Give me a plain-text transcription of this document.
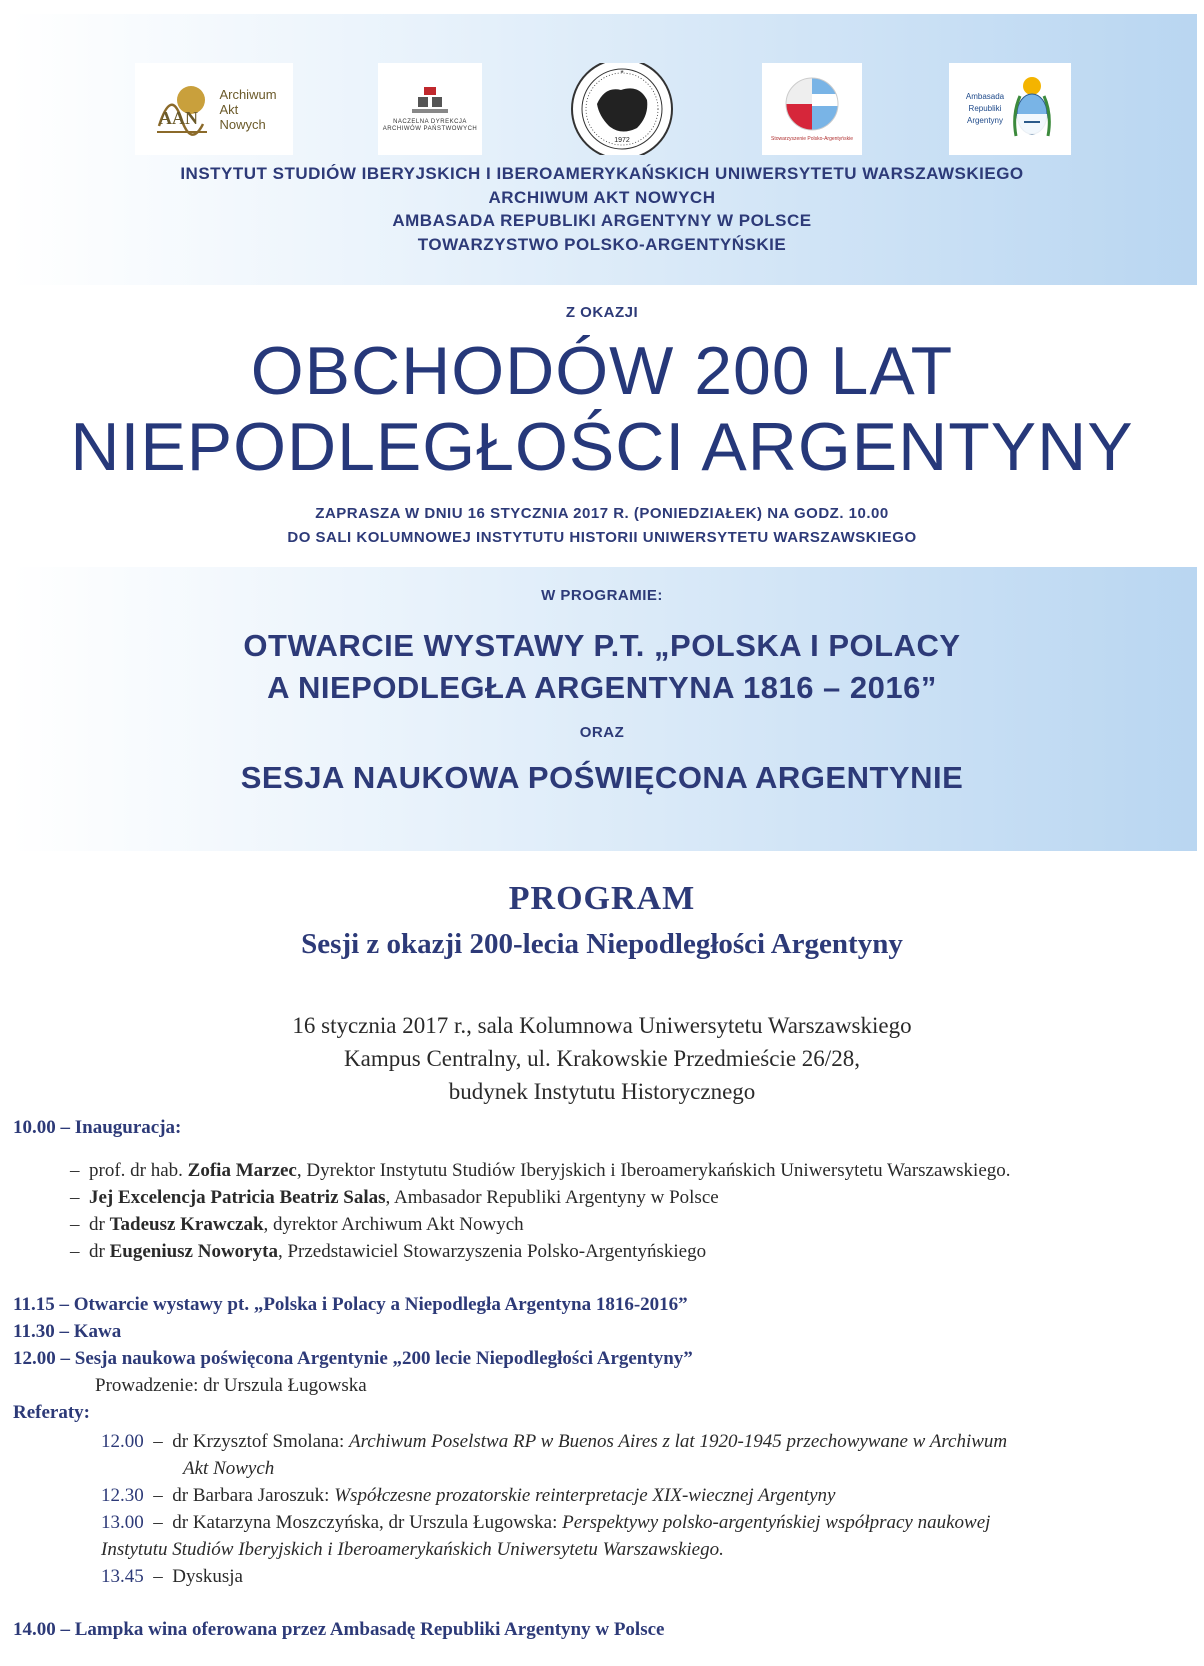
AAN
Archiwum
Akt
Nowych	NACZELNA DYREKCJA
ARCHIWÓW PAŃSTWOWYCH
1972
*
Stowarzyszenie Polsko-Argentyńskie
Ambasada
Republiki
Argentyny
INSTYTUT STUDIÓW IBERYJSKICH I IBEROAMERYKAŃSKICH UNIWERSYTETU WARSZAWSKIEGO
ARCHIWUM AKT NOWYCH
AMBASADA REPUBLIKI ARGENTYNY W POLSCE
TOWARZYSTWO POLSKO-ARGENTYŃSKIE
Z OKAZJI
OBCHODÓW 200 LAT
NIEPODLEGŁOŚCI ARGENTYNY
ZAPRASZA W DNIU 16 STYCZNIA 2017 R. (PONIEDZIAŁEK) NA GODZ. 10.00
DO SALI KOLUMNOWEJ INSTYTUTU HISTORII UNIWERSYTETU WARSZAWSKIEGO
W PROGRAMIE:
OTWARCIE WYSTAWY P.T. „POLSKA I POLACY
A NIEPODLEGŁA ARGENTYNA 1816 – 2016”
ORAZ
SESJA NAUKOWA POŚWIĘCONA ARGENTYNIE
PROGRAM
Sesji z okazji 200-lecia Niepodległości Argentyny
16 stycznia 2017 r., sala Kolumnowa Uniwersytetu Warszawskiego
Kampus Centralny, ul. Krakowskie Przedmieście 26/28,
budynek Instytutu Historycznego
10.00 – Inauguracja:
– prof. dr hab. Zofia Marzec, Dyrektor Instytutu Studiów Iberyjskich i Iberoamerykańskich Uniwersytetu Warszawskiego.
– Jej Excelencja Patricia Beatriz Salas, Ambasador Republiki Argentyny w Polsce
– dr Tadeusz Krawczak, dyrektor Archiwum Akt Nowych
– dr Eugeniusz Noworyta, Przedstawiciel Stowarzyszenia Polsko-Argentyńskiego
11.15 – Otwarcie wystawy pt. „Polska i Polacy a Niepodległa Argentyna 1816-2016”
11.30 – Kawa
12.00 – Sesja naukowa poświęcona Argentynie „200 lecie Niepodległości Argentyny”
Prowadzenie: dr Urszula Ługowska
Referaty:
12.00 – dr Krzysztof Smolana: Archiwum Poselstwa RP w Buenos Aires z lat 1920-1945 przechowywane w Archiwum
Akt Nowych
12.30 – dr Barbara Jaroszuk: Współczesne prozatorskie reinterpretacje XIX-wiecznej Argentyny
13.00 – dr Katarzyna Moszczyńska, dr Urszula Ługowska: Perspektywy polsko-argentyńskiej współpracy naukowej
Instytutu Studiów Iberyjskich i Iberoamerykańskich Uniwersytetu Warszawskiego.
13.45 – Dyskusja
14.00 – Lampka wina oferowana przez Ambasadę Republiki Argentyny w Polsce
